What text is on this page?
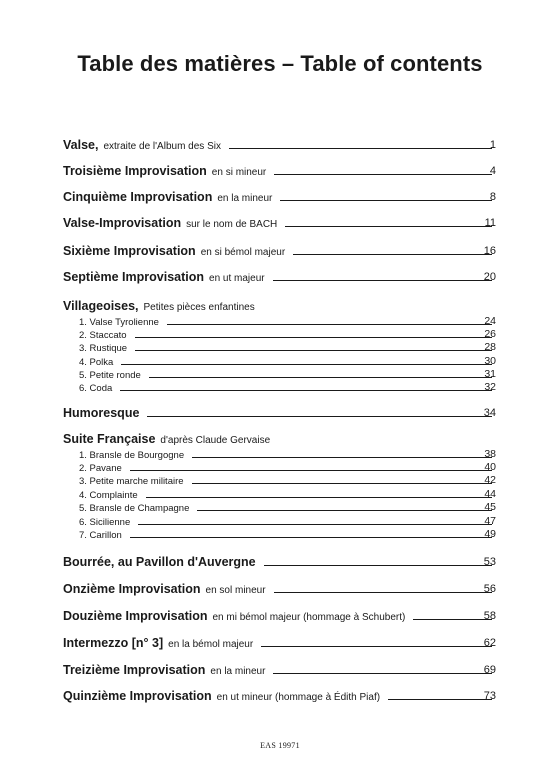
Table des matières – Table of contents
Valse, extraite de l'Album des Six	1
Troisième Improvisation en si mineur	4
Cinquième Improvisation en la mineur	8
Valse-Improvisation sur le nom de BACH	11
Sixième Improvisation en si bémol majeur	16
Septième Improvisation en ut majeur	20
Villageoises, Petites pièces enfantines
1. Valse Tyrolienne	24
2. Staccato	26
3. Rustique	28
4. Polka	30
5. Petite ronde	31
6. Coda	32
Humoresque	34
Suite Française d'après Claude Gervaise
1. Bransle de Bourgogne	38
2. Pavane	40
3. Petite marche militaire	42
4. Complainte	44
5. Bransle de Champagne	45
6. Sicilienne	47
7. Carillon	49
Bourrée, au Pavillon d'Auvergne	53
Onzième Improvisation en sol mineur	56
Douzième Improvisation en mi bémol majeur (hommage à Schubert)	58
Intermezzo [n° 3] en la bémol majeur	62
Treizième Improvisation en la mineur	69
Quinzième Improvisation en ut mineur (hommage à Édith Piaf)	73
EAS 19971
